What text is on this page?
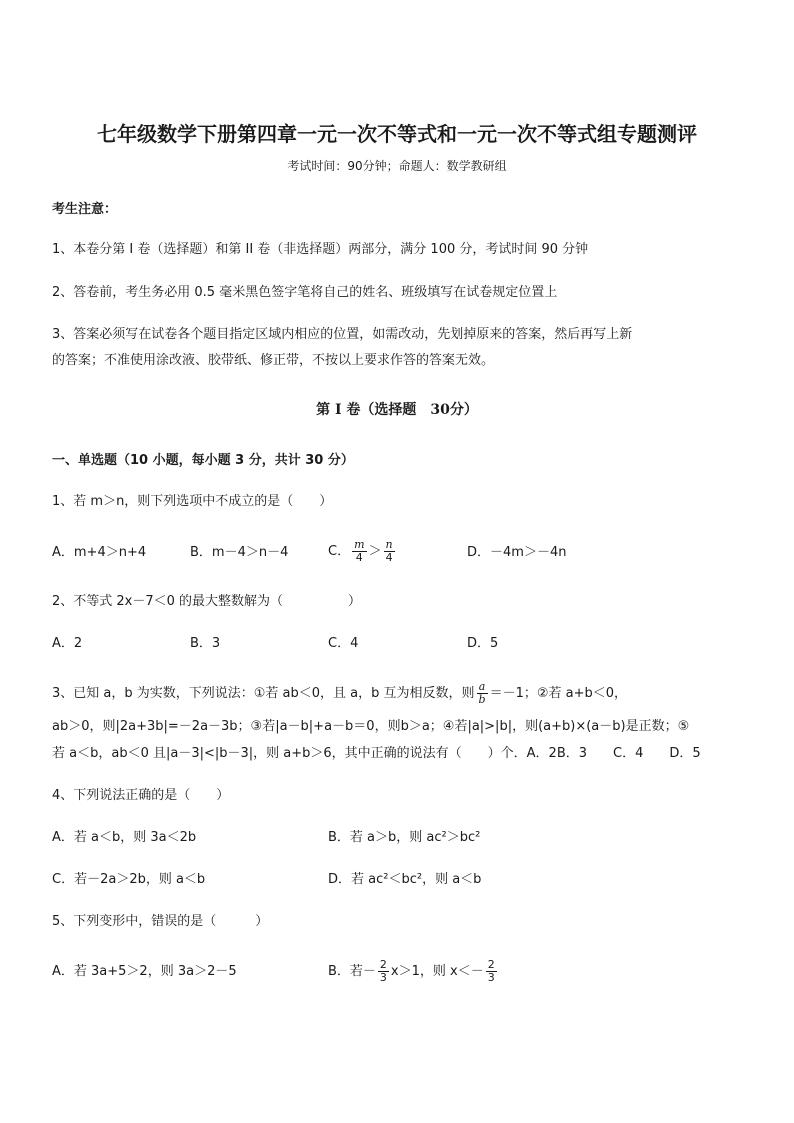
七年级数学下册第四章一元一次不等式和一元一次不等式组专题测评
考试时间：90分钟；命题人：数学教研组
考生注意：
1、本卷分第 I 卷（选择题）和第 II 卷（非选择题）两部分，满分 100 分，考试时间 90 分钟
2、答卷前，考生务必用 0.5 毫米黑色签字笔将自己的姓名、班级填写在试卷规定位置上
3、答案必须写在试卷各个题目指定区域内相应的位置，如需改动，先划掉原来的答案，然后再写上新
的答案；不准使用涂改液、胶带纸、修正带，不按以上要求作答的答案无效。
第 I 卷（选择题　30分）
一、单选题（10 小题，每小题 3 分，共计 30 分）
1、若 m＞n，则下列选项中不成立的是（　　）
A．m+4＞n+4	B．m－4＞n－4	C． $\frac{m}{4} > \frac{n}{4}$	D．－4m＞－4n
2、不等式 2x－7＜0 的最大整数解为（　　　　　）
A．2	B．3	C．4	D．5
3、已知 a，b 为实数，下列说法：①若 ab＜0，且 a，b 互为相反数，则 $\frac{a}{b} =-1$；②若 a+b＜0，
ab＞0，则|2a+3b|=－2a－3b；③若|a－b|+a－b＝0，则b＞a；④若|a|>|b|，则(a+b)×(a－b)是正数；⑤
若 a＜b，ab＜0 且|a－3|<|b－3|，则 a+b＞6，其中正确的说法有（　　）个．A．2B．3　　C．4　　D．5
4、下列说法正确的是（　　）
A．若 a＜b，则 3a＜2b	B．若 a＞b，则 ac²＞bc²
C．若－2a＞2b，则 a＜b	D．若 ac²＜bc²，则 a＜b
5、下列变形中，错误的是（　　　）
A．若 3a+5＞2，则 3a＞2－5	B．若－ $\frac{2}{3} x>1$，则 $x<- \frac{2}{3}$
